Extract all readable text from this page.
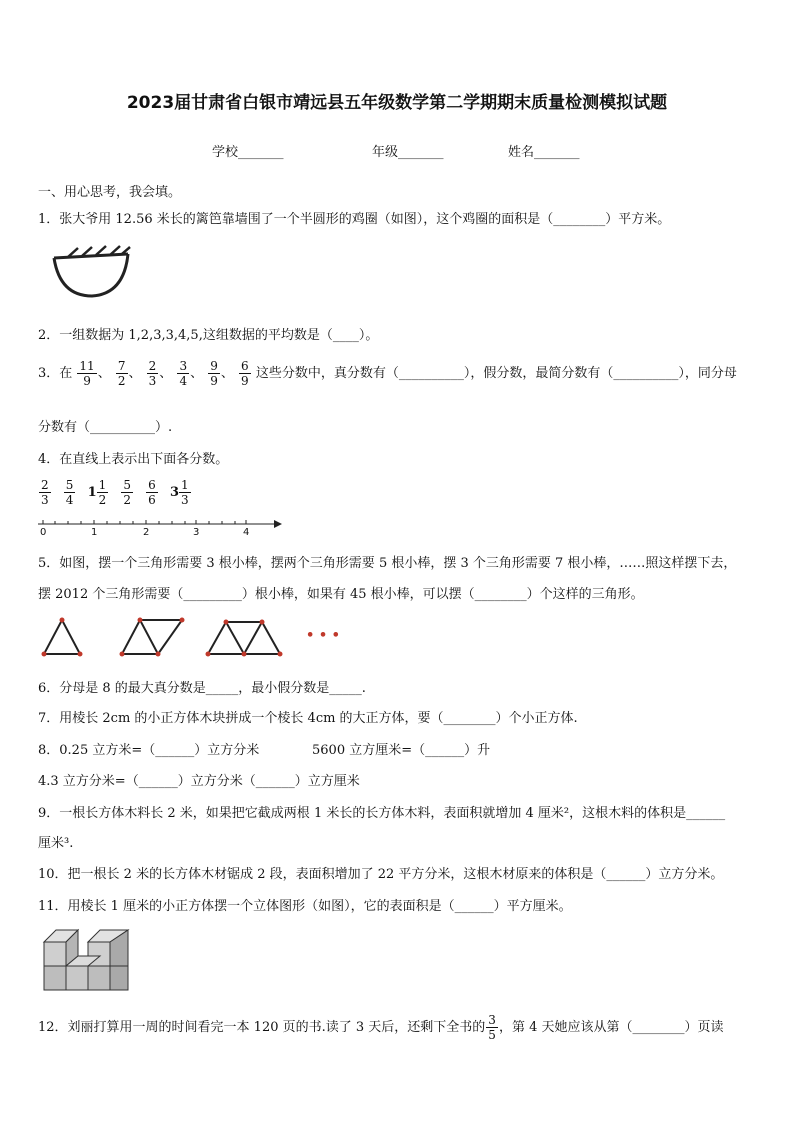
2023届甘肃省白银市靖远县五年级数学第二学期期末质量检测模拟试题
学校_______	年级_______	姓名_______
一、用心思考，我会填。
1．张大爷用 12.56 米长的篱笆靠墙围了一个半圆形的鸡圈（如图），这个鸡圈的面积是（________）平方米。
2．一组数据为 1,2,3,3,4,5,这组数据的平均数是（____）。
3．在 $\frac{11}{9}$ 、 $\frac{7}{2}$ 、 $\frac{2}{3}$ 、 $\frac{3}{4}$ 、 $\frac{9}{9}$ 、 $\frac{6}{9}$ 这些分数中，真分数有（__________），假分数，最简分数有（__________），同分母
分数有（__________）.
4．在直线上表示出下面各分数。
$\frac{2}{3}$
$\frac{5}{4}$
$1 \frac{1}{2}$
$\frac{5}{2}$
$\frac{6}{6}$
$3 \frac{1}{3}$
0	1	2	3	4
5．如图，摆一个三角形需要 3 根小棒，摆两个三角形需要 5 根小棒，摆 3 个三角形需要 7 根小棒，……照这样摆下去，
摆 2012 个三角形需要（_________）根小棒，如果有 45 根小棒，可以摆（________）个这样的三角形。
• • •
6．分母是 8 的最大真分数是_____，最小假分数是_____.
7．用棱长 2cm 的小正方体木块拼成一个棱长 4cm 的大正方体，要（________）个小正方体.
8．0.25 立方米=（______）立方分米	5600 立方厘米=（______）升
4.3 立方分米=（______）立方分米（______）立方厘米
9．一根长方体木料长 2 米，如果把它截成两根 1 米长的长方体木料，表面积就增加 4 厘米²，这根木料的体积是______
厘米³.
10．把一根长 2 米的长方体木材锯成 2 段，表面积增加了 22 平方分米，这根木材原来的体积是（______）立方分米。
11．用棱长 1 厘米的小正方体摆一个立体图形（如图），它的表面积是（______）平方厘米。
12．刘丽打算用一周的时间看完一本 120 页的书.读了 3 天后，还剩下全书的 $\frac{3}{5}$ ，第 4 天她应该从第（________）页读
